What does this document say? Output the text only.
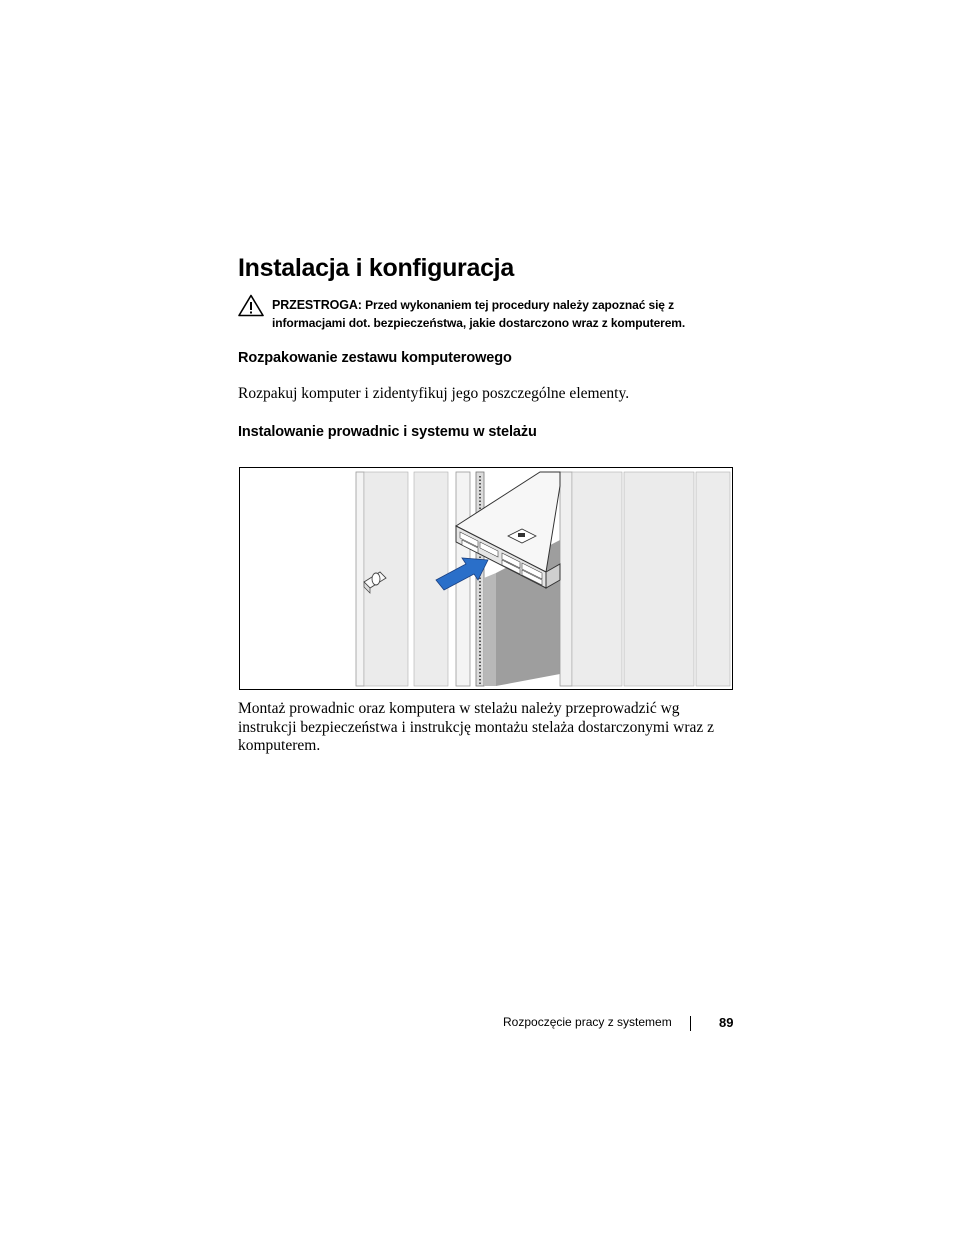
Instalacja i konfiguracja
PRZESTROGA: Przed wykonaniem tej procedury należy zapoznać się z
informacjami dot. bezpieczeństwa, jakie dostarczono wraz z komputerem.
Rozpakowanie zestawu komputerowego
Rozpakuj komputer i zidentyfikuj jego poszczególne elementy.
Instalowanie prowadnic i systemu w stelażu
Montaż prowadnic oraz komputera w stelażu należy przeprowadzić wg instrukcji bezpieczeństwa i instrukcję montażu stelaża dostarczonymi wraz z komputerem.
Rozpoczęcie pracy z systemem	89
